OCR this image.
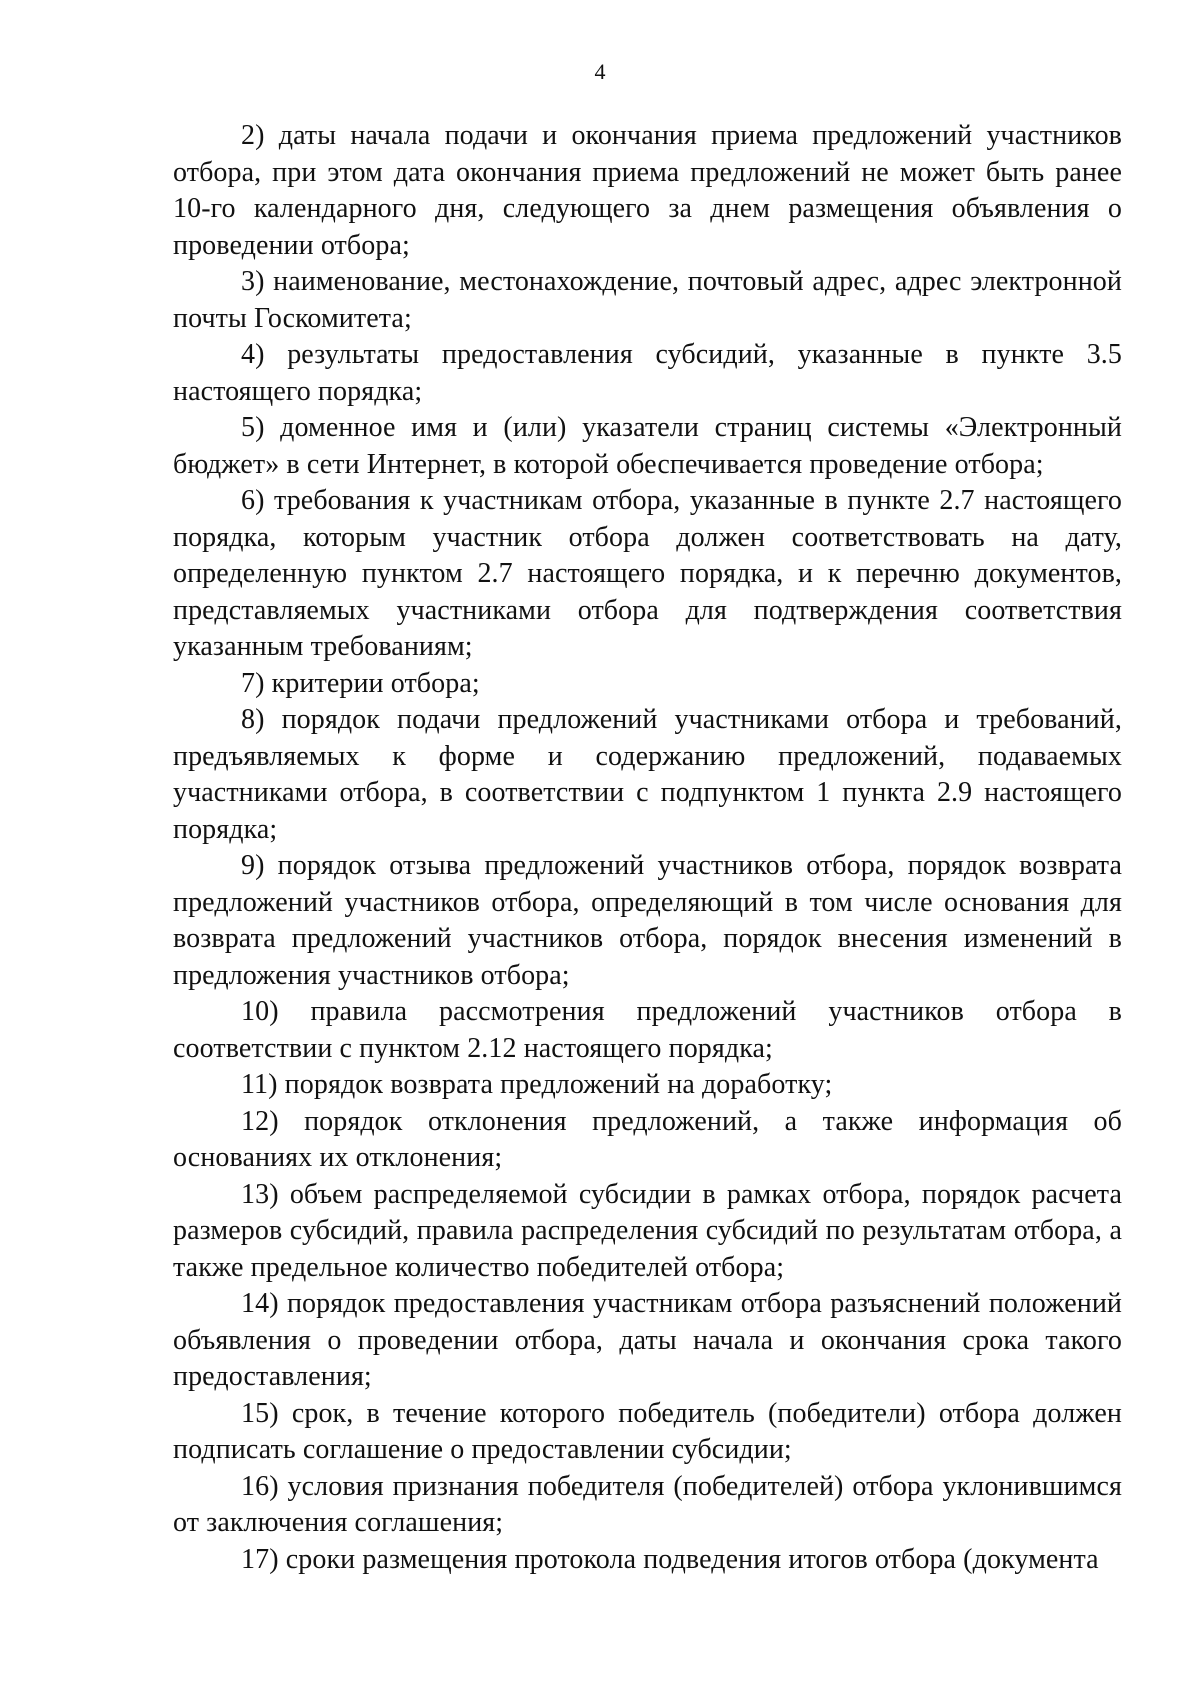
4

2) даты начала подачи и окончания приема предложений участников отбора, при этом дата окончания приема предложений не может быть ранее 10-го календарного дня, следующего за днем размещения объявления о проведении отбора;

3) наименование, местонахождение, почтовый адрес, адрес электронной почты Госкомитета;

4) результаты предоставления субсидий, указанные в пункте 3.5 настоящего порядка;

5) доменное имя и (или) указатели страниц системы «Электронный бюджет» в сети Интернет, в которой обеспечивается проведение отбора;

6) требования к участникам отбора, указанные в пункте 2.7 настоящего порядка, которым участник отбора должен соответствовать на дату, определенную пунктом 2.7 настоящего порядка, и к перечню документов, представляемых участниками отбора для подтверждения соответствия указанным требованиям;

7) критерии отбора;

8) порядок подачи предложений участниками отбора и требований, предъявляемых к форме и содержанию предложений, подаваемых участниками отбора, в соответствии с подпунктом 1 пункта 2.9 настоящего порядка;

9) порядок отзыва предложений участников отбора, порядок возврата предложений участников отбора, определяющий в том числе основания для возврата предложений участников отбора, порядок внесения изменений в предложения участников отбора;

10) правила рассмотрения предложений участников отбора в соответствии с пунктом 2.12 настоящего порядка;

11) порядок возврата предложений на доработку;

12) порядок отклонения предложений, а также информация об основаниях их отклонения;

13) объем распределяемой субсидии в рамках отбора, порядок расчета размеров субсидий, правила распределения субсидий по результатам отбора, а также предельное количество победителей отбора;

14) порядок предоставления участникам отбора разъяснений положений объявления о проведении отбора, даты начала и окончания срока такого предоставления;

15) срок, в течение которого победитель (победители) отбора должен подписать соглашение о предоставлении субсидии;

16) условия признания победителя (победителей) отбора уклонившимся от заключения соглашения;

17) сроки размещения протокола подведения итогов отбора (документа
